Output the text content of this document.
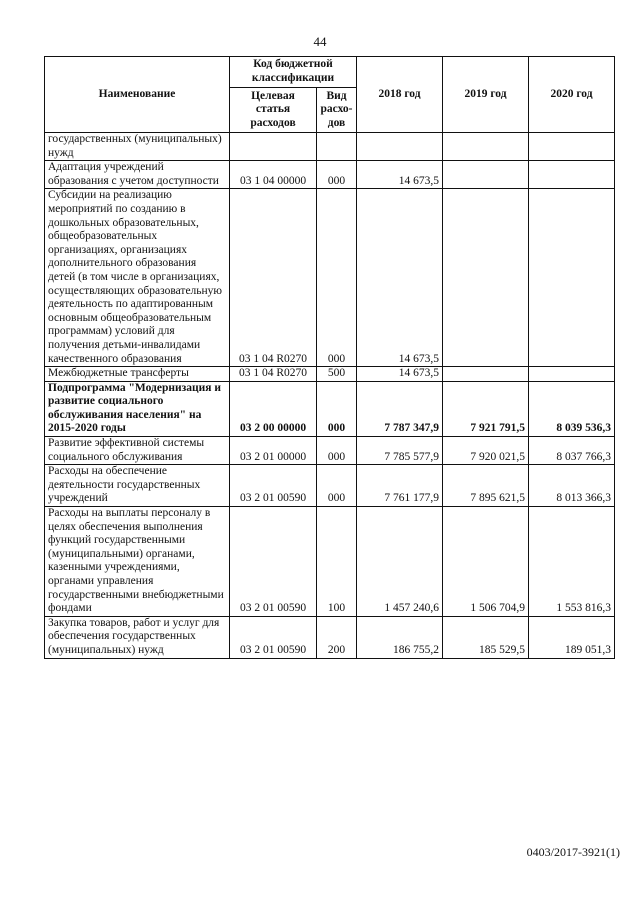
44
Наименование	Код бюджетной классификации		2018 год	2019 год	2020 год
	Целевая статья расходов	Вид расхо-дов			
государственных (муниципальных) нужд					
Адаптация учреждений образования с учетом доступности	03 1 04 00000	000	14 673,5		
Субсидии на реализацию мероприятий по созданию в дошкольных образовательных, общеобразовательных организациях, организациях дополнительного образования детей (в том числе в организациях, осуществляющих образовательную деятельность по адаптированным основным общеобразовательным программам) условий для получения детьми-инвалидами качественного образования	03 1 04 R0270	000	14 673,5		
Межбюджетные трансферты	03 1 04 R0270	500	14 673,5		
Подпрограмма "Модернизация и развитие социального обслуживания населения" на 2015-2020 годы	03 2 00 00000	000	7 787 347,9	7 921 791,5	8 039 536,3
Развитие эффективной системы социального обслуживания	03 2 01 00000	000	7 785 577,9	7 920 021,5	8 037 766,3
Расходы на обеспечение деятельности государственных учреждений	03 2 01 00590	000	7 761 177,9	7 895 621,5	8 013 366,3
Расходы на выплаты персоналу в целях обеспечения выполнения функций государственными (муниципальными) органами, казенными учреждениями, органами управления государственными внебюджетными фондами	03 2 01 00590	100	1 457 240,6	1 506 704,9	1 553 816,3
Закупка товаров, работ и услуг для обеспечения государственных (муниципальных) нужд	03 2 01 00590	200	186 755,2	185 529,5	189 051,3
0403/2017-3921(1)
